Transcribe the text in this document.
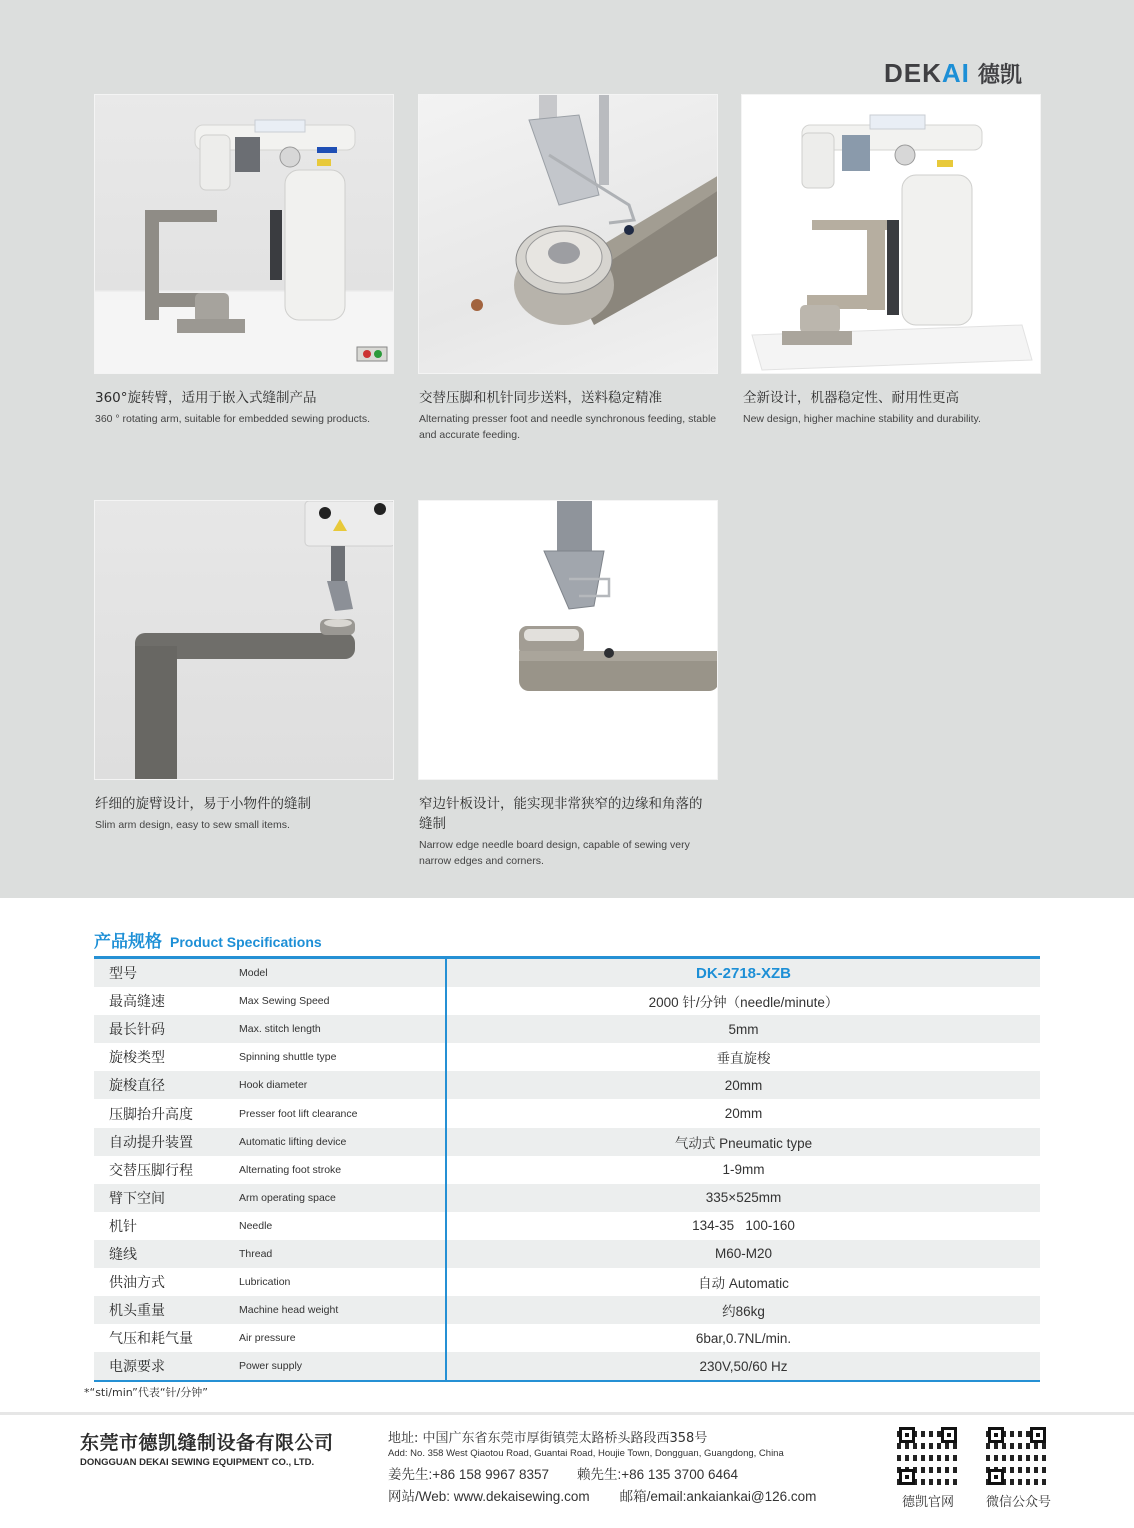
DEK AI 德凯
360°旋转臂，适用于嵌入式缝制产品
360 ° rotating arm, suitable for embedded sewing products.
交替压脚和机针同步送料，送料稳定精准
Alternating presser foot and needle synchronous feeding, stable and accurate feeding.
全新设计，机器稳定性、耐用性更高
New design, higher machine stability and durability.
纤细的旋臂设计，易于小物件的缝制
Slim arm design, easy to sew small items.
窄边针板设计，能实现非常狭窄的边缘和角落的缝制
Narrow edge needle board design, capable of sewing very narrow edges and corners.
产品规格 Product Specifications
型号	Model	DK-2718-XZB
最高缝速	Max Sewing Speed	2000 针/分钟（needle/minute）
最长针码	Max. stitch length	5mm
旋梭类型	Spinning shuttle type	垂直旋梭
旋梭直径	Hook diameter	20mm
压脚抬升高度	Presser foot lift clearance	20mm
自动提升装置	Automatic lifting device	气动式 Pneumatic type
交替压脚行程	Alternating foot stroke	1-9mm
臂下空间	Arm operating space	335×525mm
机针	Needle	134-35   100-160
缝线	Thread	M60-M20
供油方式	Lubrication	自动 Automatic
机头重量	Machine head weight	约86kg
气压和耗气量	Air pressure	6bar,0.7NL/min.
电源要求	Power supply	230V,50/60 Hz
*“sti/min”代表“针/分钟”
东莞市德凯缝制设备有限公司
DONGGUAN DEKAI SEWING EQUIPMENT CO., LTD.
地址: 中国广东省东莞市厚街镇莞太路桥头路段西358号
Add: No. 358 West Qiaotou Road, Guantai Road, Houjie Town, Dongguan, Guangdong, China
姜先生:+86 158 9967 8357 赖先生:+86 135 3700 6464
网站/Web: www.dekaisewing.com 邮箱/email:ankaiankai@126.com	德凯官网	微信公众号
